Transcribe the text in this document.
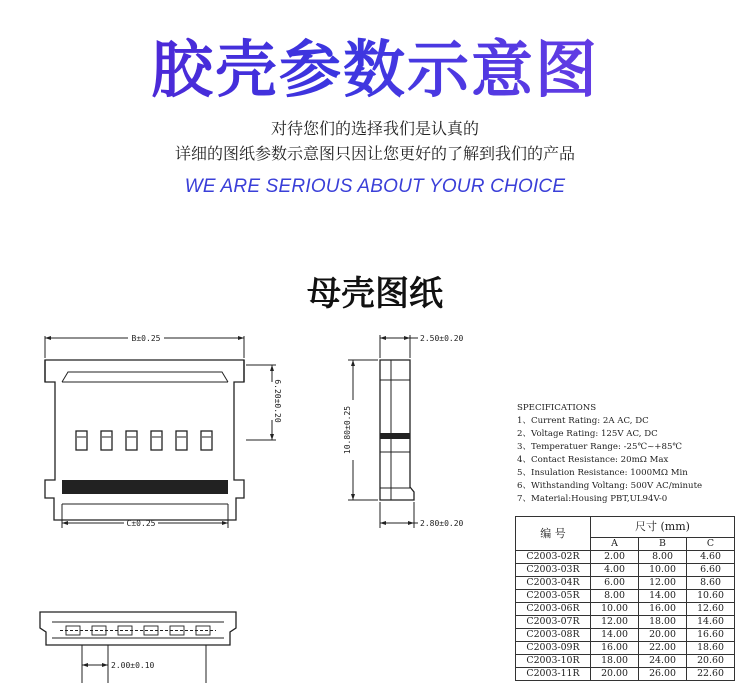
胶壳参数示意图
对待您们的选择我们是认真的
详细的图纸参数示意图只因让您更好的了解到我们的产品
WE ARE SERIOUS ABOUT YOUR CHOICE
母壳图纸
B±0.25
6.20±0.20
C±0.25
2.50±0.20
10.80±0.25
2.80±0.20
2.00±0.10
SPECIFICATIONS
1、Current Rating: 2A AC, DC
2、Voltage Rating: 125V AC, DC
3、Temperatuer Range: -25℃~+85℃
4、Contact Resistance: 20mΩ Max
5、Insulation Resistance: 1000MΩ Min
6、Withstanding Voltang: 500V AC/minute
7、Material:Housing PBT,UL94V-0
编 号	尺寸 (mm)		
	A	B	C
C2003-02R	2.00	8.00	4.60
C2003-03R	4.00	10.00	6.60
C2003-04R	6.00	12.00	8.60
C2003-05R	8.00	14.00	10.60
C2003-06R	10.00	16.00	12.60
C2003-07R	12.00	18.00	14.60
C2003-08R	14.00	20.00	16.60
C2003-09R	16.00	22.00	18.60
C2003-10R	18.00	24.00	20.60
C2003-11R	20.00	26.00	22.60
